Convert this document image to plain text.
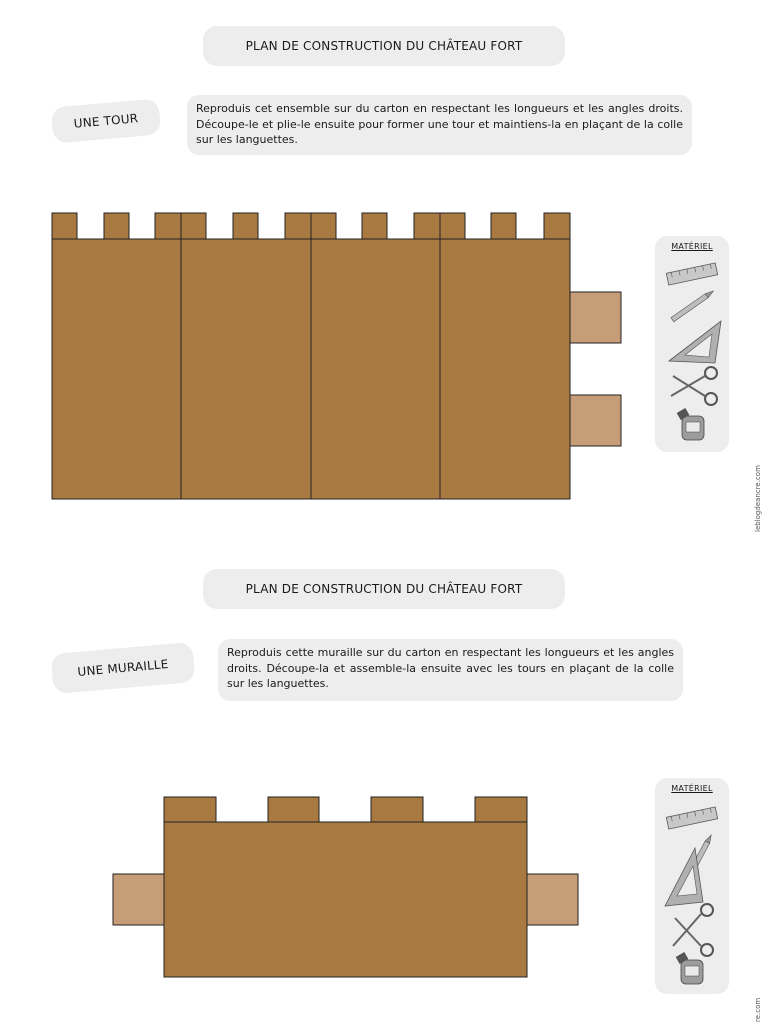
PLAN DE CONSTRUCTION DU CHÂTEAU FORT
UNE TOUR
Reproduis cet ensemble sur du carton en respectant les longueurs et les angles droits. Découpe-le et plie-le ensuite pour former une tour et maintiens-la en plaçant de la colle sur les languettes.
MATÉRIEL
PLAN DE CONSTRUCTION DU CHÂTEAU FORT
UNE MURAILLE
Reproduis cette muraille sur du carton en respectant les longueurs et les angles droits. Découpe-la et assemble-la ensuite avec les tours en plaçant de la colle sur les languettes.
MATÉRIEL
leblogdeancre.com
re.com
